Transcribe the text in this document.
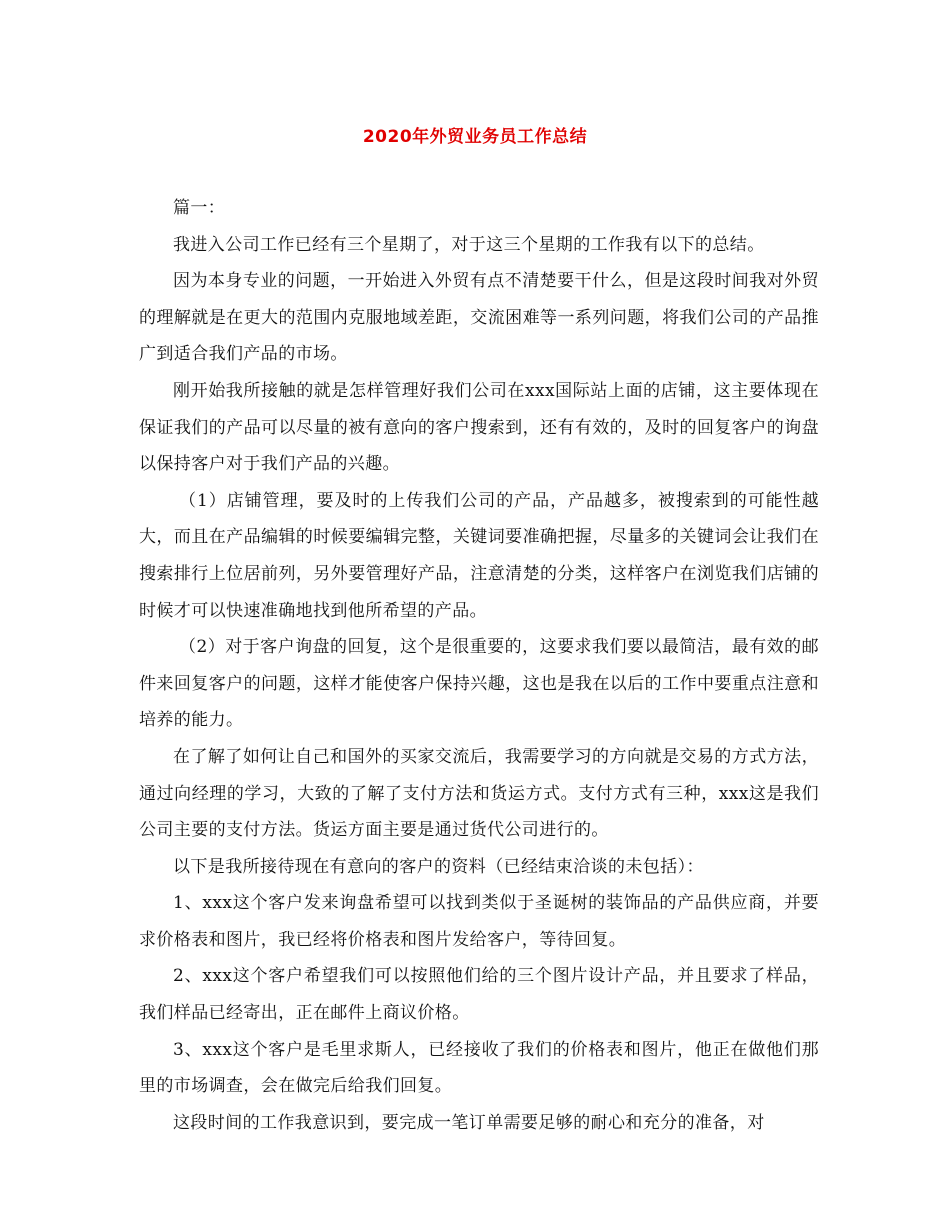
2020年外贸业务员工作总结

篇一：

我进入公司工作已经有三个星期了，对于这三个星期的工作我有以下的总结。

因为本身专业的问题，一开始进入外贸有点不清楚要干什么，但是这段时间我对外贸的理解就是在更大的范围内克服地域差距，交流困难等一系列问题，将我们公司的产品推广到适合我们产品的市场。

刚开始我所接触的就是怎样管理好我们公司在xxx国际站上面的店铺，这主要体现在保证我们的产品可以尽量的被有意向的客户搜索到，还有有效的，及时的回复客户的询盘以保持客户对于我们产品的兴趣。

（1）店铺管理，要及时的上传我们公司的产品，产品越多，被搜索到的可能性越大，而且在产品编辑的时候要编辑完整，关键词要准确把握，尽量多的关键词会让我们在搜索排行上位居前列，另外要管理好产品，注意清楚的分类，这样客户在浏览我们店铺的时候才可以快速准确地找到他所希望的产品。

（2）对于客户询盘的回复，这个是很重要的，这要求我们要以最简洁，最有效的邮件来回复客户的问题，这样才能使客户保持兴趣，这也是我在以后的工作中要重点注意和培养的能力。

在了解了如何让自己和国外的买家交流后，我需要学习的方向就是交易的方式方法，通过向经理的学习，大致的了解了支付方法和货运方式。支付方式有三种，xxx这是我们公司主要的支付方法。货运方面主要是通过货代公司进行的。

以下是我所接待现在有意向的客户的资料（已经结束洽谈的未包括）：

1、xxx这个客户发来询盘希望可以找到类似于圣诞树的装饰品的产品供应商，并要求价格表和图片，我已经将价格表和图片发给客户，等待回复。

2、xxx这个客户希望我们可以按照他们给的三个图片设计产品，并且要求了样品，我们样品已经寄出，正在邮件上商议价格。

3、xxx这个客户是毛里求斯人，已经接收了我们的价格表和图片，他正在做他们那里的市场调查，会在做完后给我们回复。

这段时间的工作我意识到，要完成一笔订单需要足够的耐心和充分的准备，对
